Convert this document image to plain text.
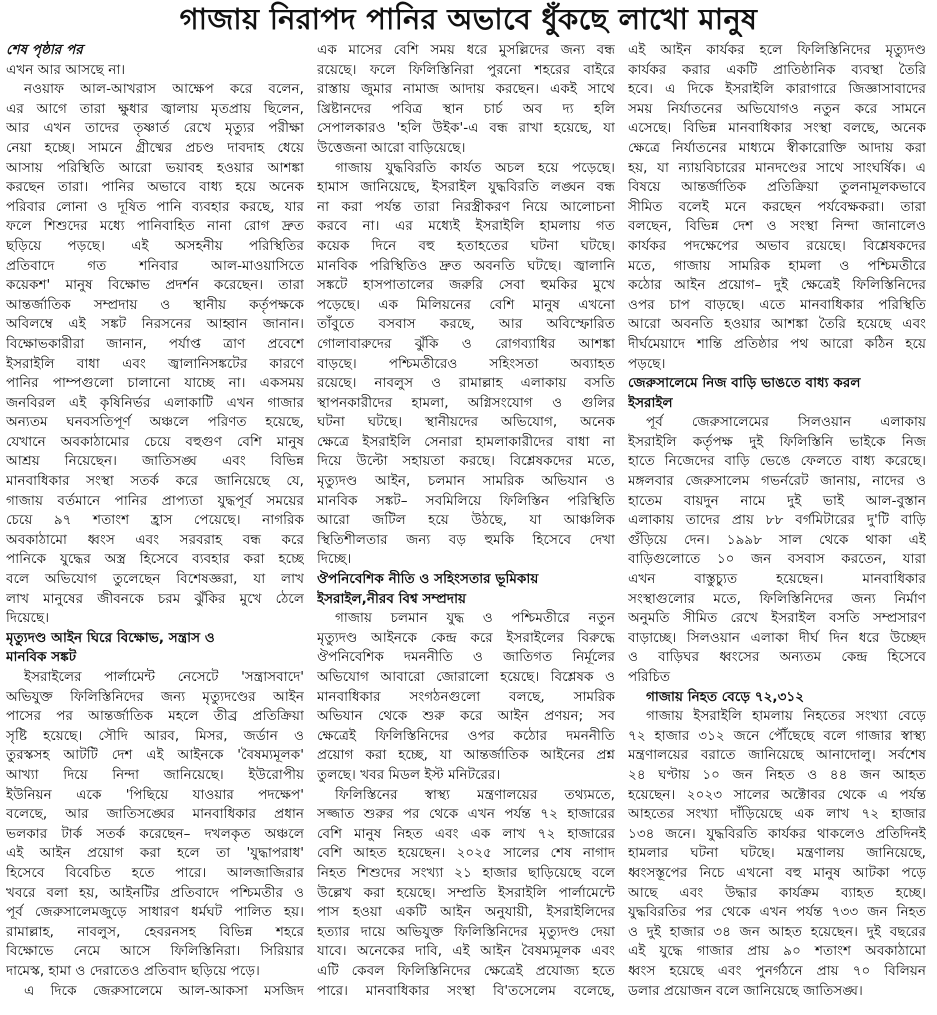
গাজায় নিরাপদ পানির অভাবে ধুঁকছে লাখো মানুষ
শেষ পৃষ্ঠার পর
এখন আর আসছে না।
নওয়াফ আল-আখরাস আক্ষেপ করে বলেন,
এর আগে তারা ক্ষুধার জ্বালায় মৃতপ্রায় ছিলেন,
আর এখন তাদের তৃষ্ণার্ত রেখে মৃত্যুর পরীক্ষা
নেয়া হচ্ছে। সামনে গ্রীষ্মের প্রচণ্ড দাবদাহ ধেয়ে
আসায় পরিস্থিতি আরো ভয়াবহ হওয়ার আশঙ্কা
করছেন তারা। পানির অভাবে বাধ্য হয়ে অনেক
পরিবার লোনা ও দূষিত পানি ব্যবহার করছে, যার
ফলে শিশুদের মধ্যে পানিবাহিত নানা রোগ দ্রুত
ছড়িয়ে পড়ছে। এই অসহনীয় পরিস্থিতির
প্রতিবাদে গত শনিবার আল-মাওয়াসিতে
কয়েকশ' মানুষ বিক্ষোভ প্রদর্শন করেছেন। তারা
আন্তর্জাতিক সম্প্রদায় ও স্থানীয় কর্তৃপক্ষকে
অবিলম্বে এই সঙ্কট নিরসনের আহ্বান জানান।
বিক্ষোভকারীরা জানান, পর্যাপ্ত ত্রাণ প্রবেশে
ইসরাইলি বাধা এবং জ্বালানিসঙ্কটের কারণে
পানির পাম্পগুলো চালানো যাচ্ছে না। একসময়
জনবিরল এই কৃষিনির্ভর এলাকাটি এখন গাজার
অন্যতম ঘনবসতিপূর্ণ অঞ্চলে পরিণত হয়েছে,
যেখানে অবকাঠামোর চেয়ে বহুগুণ বেশি মানুষ
আশ্রয় নিয়েছেন। জাতিসঙ্ঘ এবং বিভিন্ন
মানবাধিকার সংস্থা সতর্ক করে জানিয়েছে যে,
গাজায় বর্তমানে পানির প্রাপ্যতা যুদ্ধপূর্ব সময়ের
চেয়ে ৯৭ শতাংশ হ্রাস পেয়েছে। নাগরিক
অবকাঠামো ধ্বংস এবং সরবরাহ বন্ধ করে
পানিকে যুদ্ধের অস্ত্র হিসেবে ব্যবহার করা হচ্ছে
বলে অভিযোগ তুলেছেন বিশেষজ্ঞরা, যা লাখ
লাখ মানুষের জীবনকে চরম ঝুঁকির মুখে ঠেলে
দিয়েছে।
মৃত্যুদণ্ড আইন ঘিরে বিক্ষোভ, সন্ত্রাস ও
মানবিক সঙ্কট
ইসরাইলের পার্লামেন্ট নেসেটে 'সন্ত্রাসবাদে'
অভিযুক্ত ফিলিস্তিনিদের জন্য মৃত্যুদণ্ডের আইন
পাসের পর আন্তর্জাতিক মহলে তীব্র প্রতিক্রিয়া
সৃষ্টি হয়েছে। সৌদি আরব, মিসর, জর্ডান ও
তুরস্কসহ আটটি দেশ এই আইনকে 'বৈষম্যমূলক'
আখ্যা দিয়ে নিন্দা জানিয়েছে। ইউরোপীয়
ইউনিয়ন একে 'পিছিয়ে যাওয়ার পদক্ষেপ'
বলেছে, আর জাতিসঙ্ঘের মানবাধিকার প্রধান
ভলকার টার্ক সতর্ক করেছেন– দখলকৃত অঞ্চলে
এই আইন প্রয়োগ করা হলে তা 'যুদ্ধাপরাধ'
হিসেবে বিবেচিত হতে পারে। আলজাজিরার
খবরে বলা হয়, আইনটির প্রতিবাদে পশ্চিমতীর ও
পূর্ব জেরুসালেমজুড়ে সাধারণ ধর্মঘট পালিত হয়।
রামাল্লাহ, নাবলুস, হেবরনসহ বিভিন্ন শহরে
বিক্ষোভে নেমে আসে ফিলিস্তিনিরা। সিরিয়ার
দামেস্ক, হামা ও দেরাতেও প্রতিবাদ ছড়িয়ে পড়ে।
এ দিকে জেরুসালেমে আল-আকসা মসজিদ
এক মাসের বেশি সময় ধরে মুসল্লিদের জন্য বন্ধ
রয়েছে। ফলে ফিলিস্তিনিরা পুরনো শহরের বাইরে
রাস্তায় জুমার নামাজ আদায় করছেন। একই সাথে
খ্রিষ্টানদের পবিত্র স্থান চার্চ অব দ্য হলি
সেপালকারও 'হলি উইক'-এ বন্ধ রাখা হয়েছে, যা
উত্তেজনা আরো বাড়িয়েছে।
গাজায় যুদ্ধবিরতি কার্যত অচল হয়ে পড়েছে।
হামাস জানিয়েছে, ইসরাইল যুদ্ধবিরতি লঙ্ঘন বন্ধ
না করা পর্যন্ত তারা নিরস্ত্রীকরণ নিয়ে আলোচনা
করবে না। এর মধ্যেই ইসরাইলি হামলায় গত
কয়েক দিনে বহু হতাহতের ঘটনা ঘটছে।
মানবিক পরিস্থিতিও দ্রুত অবনতি ঘটছে। জ্বালানি
সঙ্কটে হাসপাতালের জরুরি সেবা হুমকির মুখে
পড়েছে। এক মিলিয়নের বেশি মানুষ এখনো
তাঁবুতে বসবাস করছে, আর অবিস্ফোরিত
গোলাবারুদের ঝুঁকি ও রোগব্যাধির আশঙ্কা
বাড়ছে। পশ্চিমতীরেও সহিংসতা অব্যাহত
রয়েছে। নাবলুস ও রামাল্লাহ এলাকায় বসতি
স্থাপনকারীদের হামলা, অগ্নিসংযোগ ও গুলির
ঘটনা ঘটছে। স্থানীয়দের অভিযোগ, অনেক
ক্ষেত্রে ইসরাইলি সেনারা হামলাকারীদের বাধা না
দিয়ে উল্টো সহায়তা করছে। বিশ্লেষকদের মতে,
মৃত্যুদণ্ড আইন, চলমান সামরিক অভিযান ও
মানবিক সঙ্কট– সবমিলিয়ে ফিলিস্তিন পরিস্থিতি
আরো জটিল হয়ে উঠছে, যা আঞ্চলিক
স্থিতিশীলতার জন্য বড় হুমকি হিসেবে দেখা
দিচ্ছে।
ঔপনিবেশিক নীতি ও সহিংসতার ভূমিকায়
ইসরাইল,নীরব বিশ্ব সম্প্রদায়
গাজায় চলমান যুদ্ধ ও পশ্চিমতীরে নতুন
মৃত্যুদণ্ড আইনকে কেন্দ্র করে ইসরাইলের বিরুদ্ধে
ঔপনিবেশিক দমননীতি ও জাতিগত নির্মূলের
অভিযোগ আবারো জোরালো হয়েছে। বিশ্লেষক ও
মানবাধিকার সংগঠনগুলো বলছে, সামরিক
অভিযান থেকে শুরু করে আইন প্রণয়ন; সব
ক্ষেত্রেই ফিলিস্তিনিদের ওপর কঠোর দমননীতি
প্রয়োগ করা হচ্ছে, যা আন্তর্জাতিক আইনের প্রশ্ন
তুলছে। খবর মিডল ইস্ট মনিটরের।
ফিলিস্তিনের স্বাস্থ্য মন্ত্রণালয়ের তথ্যমতে,
সজ্জাত শুরুর পর থেকে এখন পর্যন্ত ৭২ হাজারের
বেশি মানুষ নিহত এবং এক লাখ ৭২ হাজারের
বেশি আহত হয়েছেন। ২০২৫ সালের শেষ নাগাদ
নিহত শিশুদের সংখ্যা ২১ হাজার ছাড়িয়েছে বলে
উল্লেখ করা হয়েছে। সম্প্রতি ইসরাইলি পার্লামেন্টে
পাস হওয়া একটি আইন অনুযায়ী, ইসরাইলিদের
হত্যার দায়ে অভিযুক্ত ফিলিস্তিনিদের মৃত্যুদণ্ড দেয়া
যাবে। অনেকের দাবি, এই আইন বৈষম্যমূলক এবং
এটি কেবল ফিলিস্তিনিদের ক্ষেত্রেই প্রযোজ্য হতে
পারে। মানবাধিকার সংস্থা বি'তসেলেম বলেছে,
এই আইন কার্যকর হলে ফিলিস্তিনিদের মৃত্যুদণ্ড
কার্যকর করার একটি প্রাতিষ্ঠানিক ব্যবস্থা তৈরি
হবে। এ দিকে ইসরাইলি কারাগারে জিজ্ঞাসাবাদের
সময় নির্যাতনের অভিযোগও নতুন করে সামনে
এসেছে। বিভিন্ন মানবাধিকার সংস্থা বলছে, অনেক
ক্ষেত্রে নির্যাতনের মাধ্যমে স্বীকারোক্তি আদায় করা
হয়, যা ন্যায়বিচারের মানদণ্ডের সাথে সাংঘর্ষিক। এ
বিষয়ে আন্তর্জাতিক প্রতিক্রিয়া তুলনামূলকভাবে
সীমিত বলেই মনে করছেন পর্যবেক্ষকরা। তারা
বলছেন, বিভিন্ন দেশ ও সংস্থা নিন্দা জানালেও
কার্যকর পদক্ষেপের অভাব রয়েছে। বিশ্লেষকদের
মতে, গাজায় সামরিক হামলা ও পশ্চিমতীরে
কঠোর আইন প্রয়োগ– দুই ক্ষেত্রেই ফিলিস্তিনিদের
ওপর চাপ বাড়ছে। এতে মানবাধিকার পরিস্থিতি
আরো অবনতি হওয়ার আশঙ্কা তৈরি হয়েছে এবং
দীর্ঘমেয়াদে শান্তি প্রতিষ্ঠার পথ আরো কঠিন হয়ে
পড়ছে।
জেরুসালেমে নিজ বাড়ি ভাঙতে বাধ্য করল
ইসরাইল
পূর্ব জেরুসালেমের সিলওয়ান এলাকায়
ইসরাইলি কর্তৃপক্ষ দুই ফিলিস্তিনি ভাইকে নিজ
হাতে নিজেদের বাড়ি ভেঙে ফেলতে বাধ্য করেছে।
মঙ্গলবার জেরুসালেম গভর্নরেট জানায়, নাদের ও
হাতেম বায়দুন নামে দুই ভাই আল-বুস্তান
এলাকায় তাদের প্রায় ৮৮ বর্গমিটারের দু'টি বাড়ি
গুঁড়িয়ে দেন। ১৯৯৮ সাল থেকে থাকা এই
বাড়িগুলোতে ১০ জন বসবাস করতেন, যারা
এখন বাস্তুচ্যুত হয়েছেন। মানবাধিকার
সংস্থাগুলোর মতে, ফিলিস্তিনিদের জন্য নির্মাণ
অনুমতি সীমিত রেখে ইসরাইল বসতি সম্প্রসারণ
বাড়াচ্ছে। সিলওয়ান এলাকা দীর্ঘ দিন ধরে উচ্ছেদ
ও বাড়িঘর ধ্বংসের অন্যতম কেন্দ্র হিসেবে
পরিচিত
গাজায় নিহত বেড়ে ৭২,৩১২
গাজায় ইসরাইলি হামলায় নিহতের সংখ্যা বেড়ে
৭২ হাজার ৩১২ জনে পৌঁছেছে বলে গাজার স্বাস্থ্য
মন্ত্রণালয়ের বরাতে জানিয়েছে আনাদোলু। সর্বশেষ
২৪ ঘণ্টায় ১০ জন নিহত ও ৪৪ জন আহত
হয়েছেন। ২০২৩ সালের অক্টোবর থেকে এ পর্যন্ত
আহতের সংখ্যা দাঁড়িয়েছে এক লাখ ৭২ হাজার
১৩৪ জনে। যুদ্ধবিরতি কার্যকর থাকলেও প্রতিদিনই
হামলার ঘটনা ঘটছে। মন্ত্রণালয় জানিয়েছে,
ধ্বংসস্তূপের নিচে এখনো বহু মানুষ আটকা পড়ে
আছে এবং উদ্ধার কার্যক্রম ব্যাহত হচ্ছে।
যুদ্ধবিরতির পর থেকে এখন পর্যন্ত ৭৩৩ জন নিহত
ও দুই হাজার ৩৪ জন আহত হয়েছেন। দুই বছরের
এই যুদ্ধে গাজার প্রায় ৯০ শতাংশ অবকাঠামো
ধ্বংস হয়েছে এবং পুনর্গঠনে প্রায় ৭০ বিলিয়ন
ডলার প্রয়োজন বলে জানিয়েছে জাতিসঙ্ঘ।
